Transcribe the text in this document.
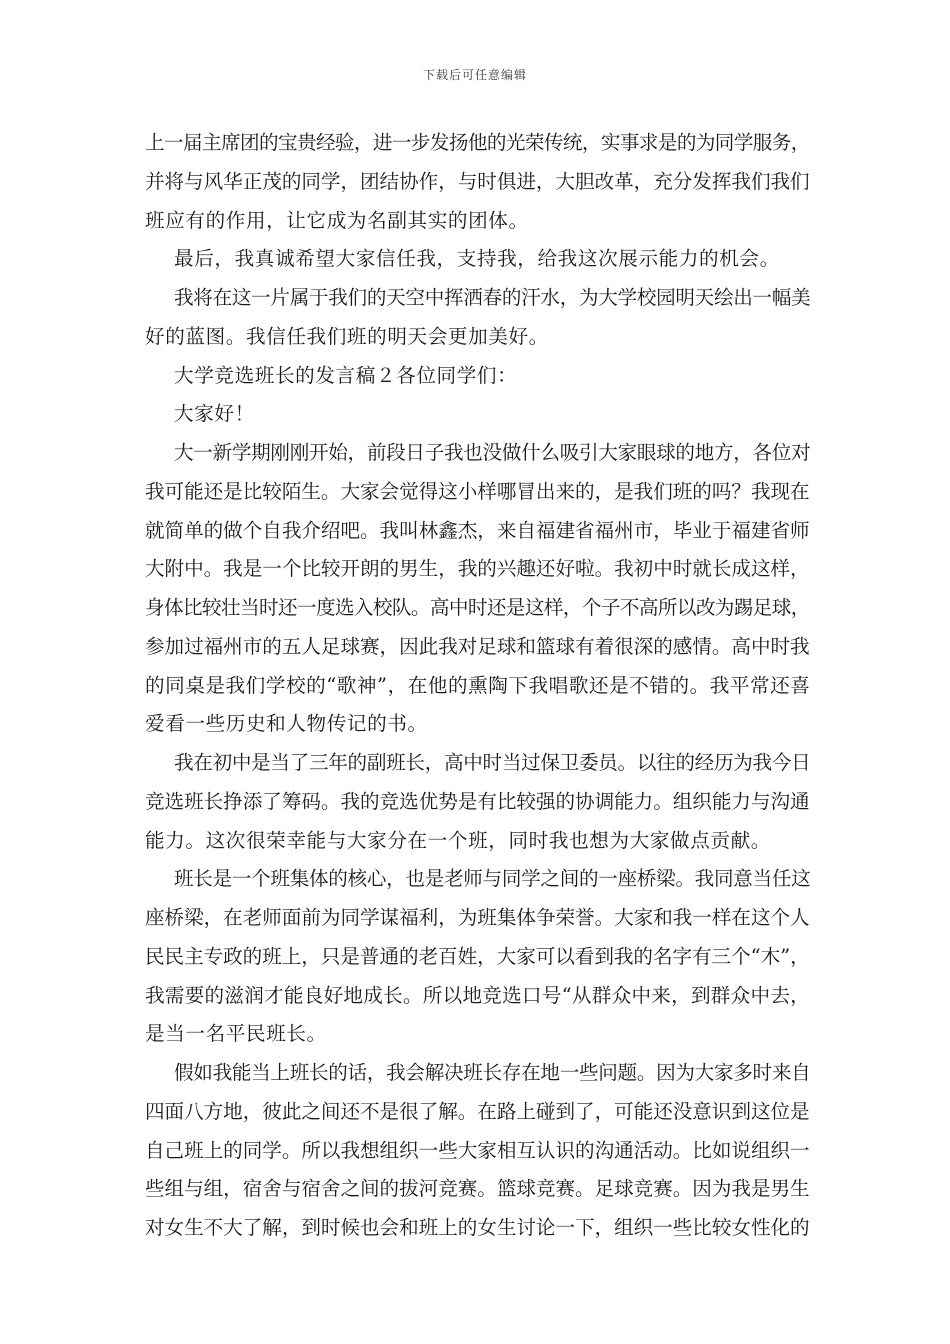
下载后可任意编辑
上一届主席团的宝贵经验，进一步发扬他的光荣传统，实事求是的为同学服务，
并将与风华正茂的同学，团结协作，与时俱进，大胆改革，充分发挥我们我们
班应有的作用，让它成为名副其实的团体。
最后，我真诚希望大家信任我，支持我，给我这次展示能力的机会。
我将在这一片属于我们的天空中挥洒春的汗水，为大学校园明天绘出一幅美
好的蓝图。我信任我们班的明天会更加美好。
大学竞选班长的发言稿２各位同学们：
大家好！
大一新学期刚刚开始，前段日子我也没做什么吸引大家眼球的地方，各位对
我可能还是比较陌生。大家会觉得这小样哪冒出来的，是我们班的吗？我现在
就简单的做个自我介绍吧。我叫林鑫杰，来自福建省福州市，毕业于福建省师
大附中。我是一个比较开朗的男生，我的兴趣还好啦。我初中时就长成这样，
身体比较壮当时还一度选入校队。高中时还是这样，个子不高所以改为踢足球，
参加过福州市的五人足球赛，因此我对足球和篮球有着很深的感情。高中时我
的同桌是我们学校的“歌神”，在他的熏陶下我唱歌还是不错的。我平常还喜
爱看一些历史和人物传记的书。
我在初中是当了三年的副班长，高中时当过保卫委员。以往的经历为我今日
竞选班长挣添了筹码。我的竞选优势是有比较强的协调能力。组织能力与沟通
能力。这次很荣幸能与大家分在一个班，同时我也想为大家做点贡献。
班长是一个班集体的核心，也是老师与同学之间的一座桥梁。我同意当任这
座桥梁，在老师面前为同学谋福利，为班集体争荣誉。大家和我一样在这个人
民民主专政的班上，只是普通的老百姓，大家可以看到我的名字有三个“木”，
我需要的滋润才能良好地成长。所以地竞选口号“从群众中来，到群众中去，
是当一名平民班长。
假如我能当上班长的话，我会解决班长存在地一些问题。因为大家多时来自
四面八方地，彼此之间还不是很了解。在路上碰到了，可能还没意识到这位是
自己班上的同学。所以我想组织一些大家相互认识的沟通活动。比如说组织一
些组与组，宿舍与宿舍之间的拔河竞赛。篮球竞赛。足球竞赛。因为我是男生
对女生不大了解，到时候也会和班上的女生讨论一下，组织一些比较女性化的
